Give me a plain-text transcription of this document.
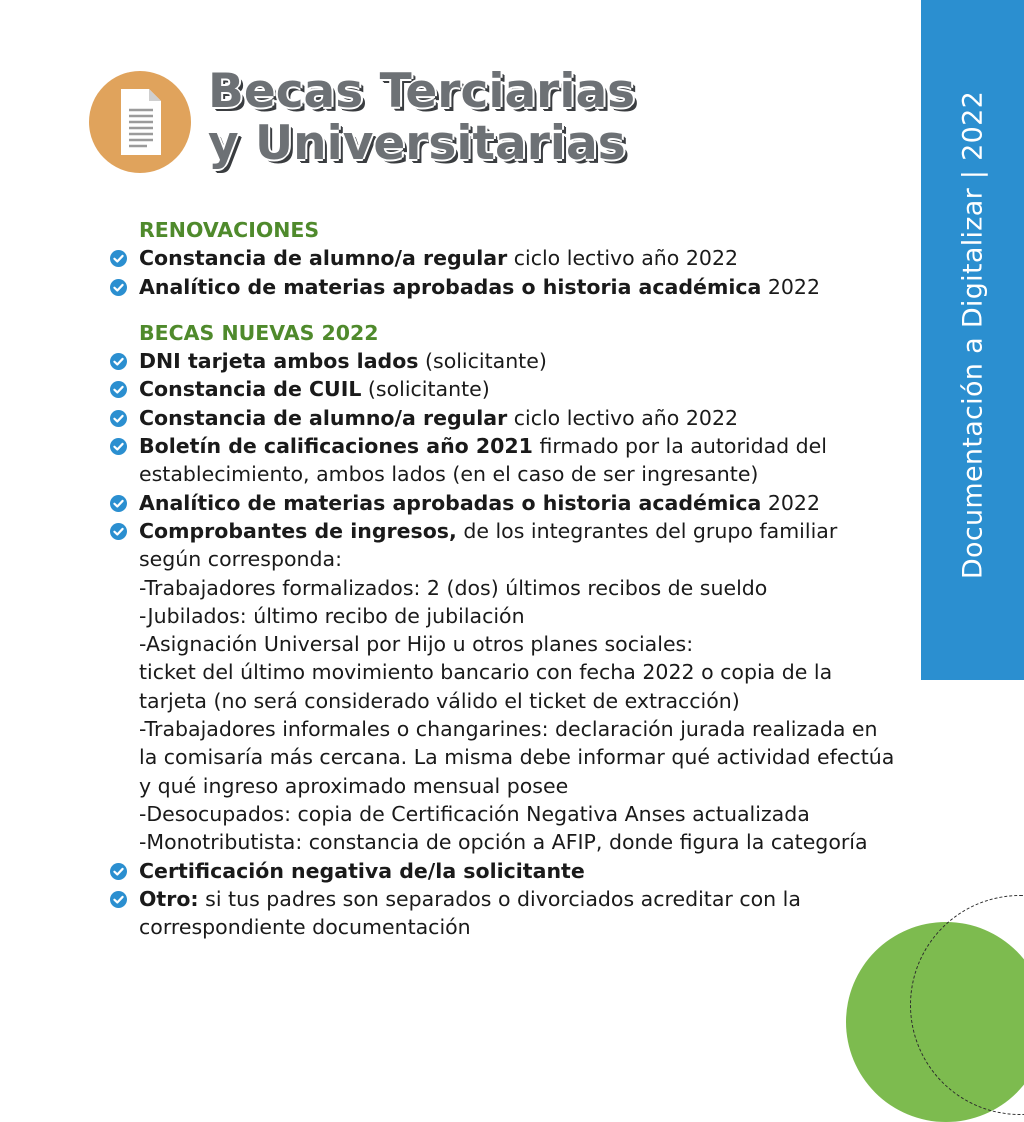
Documentación a Digitalizar | 2022
Becas Terciarias
y Universitarias

RENOVACIONES

Constancia de alumno/a regular ciclo lectivo año 2022
Analítico de materias aprobadas o historia académica 2022

BECAS NUEVAS 2022

DNI tarjeta ambos lados (solicitante)
Constancia de CUIL (solicitante)
Constancia de alumno/a regular ciclo lectivo año 2022
Boletín de calificaciones año 2021 firmado por la autoridad del establecimiento, ambos lados (en el caso de ser ingresante)
Analítico de materias aprobadas o historia académica 2022
Comprobantes de ingresos, de los integrantes del grupo familiar según corresponda:
-Trabajadores formalizados: 2 (dos) últimos recibos de sueldo
-Jubilados: último recibo de jubilación
-Asignación Universal por Hijo u otros planes sociales:
ticket del último movimiento bancario con fecha 2022 o copia de la tarjeta (no será considerado válido el ticket de extracción)
-Trabajadores informales o changarines: declaración jurada realizada en la comisaría más cercana. La misma debe informar qué actividad efectúa y qué ingreso aproximado mensual posee
-Desocupados: copia de Certificación Negativa Anses actualizada
-Monotributista: constancia de opción a AFIP, donde figura la categoría
Certificación negativa de/la solicitante
Otro: si tus padres son separados o divorciados acreditar con la correspondiente documentación
